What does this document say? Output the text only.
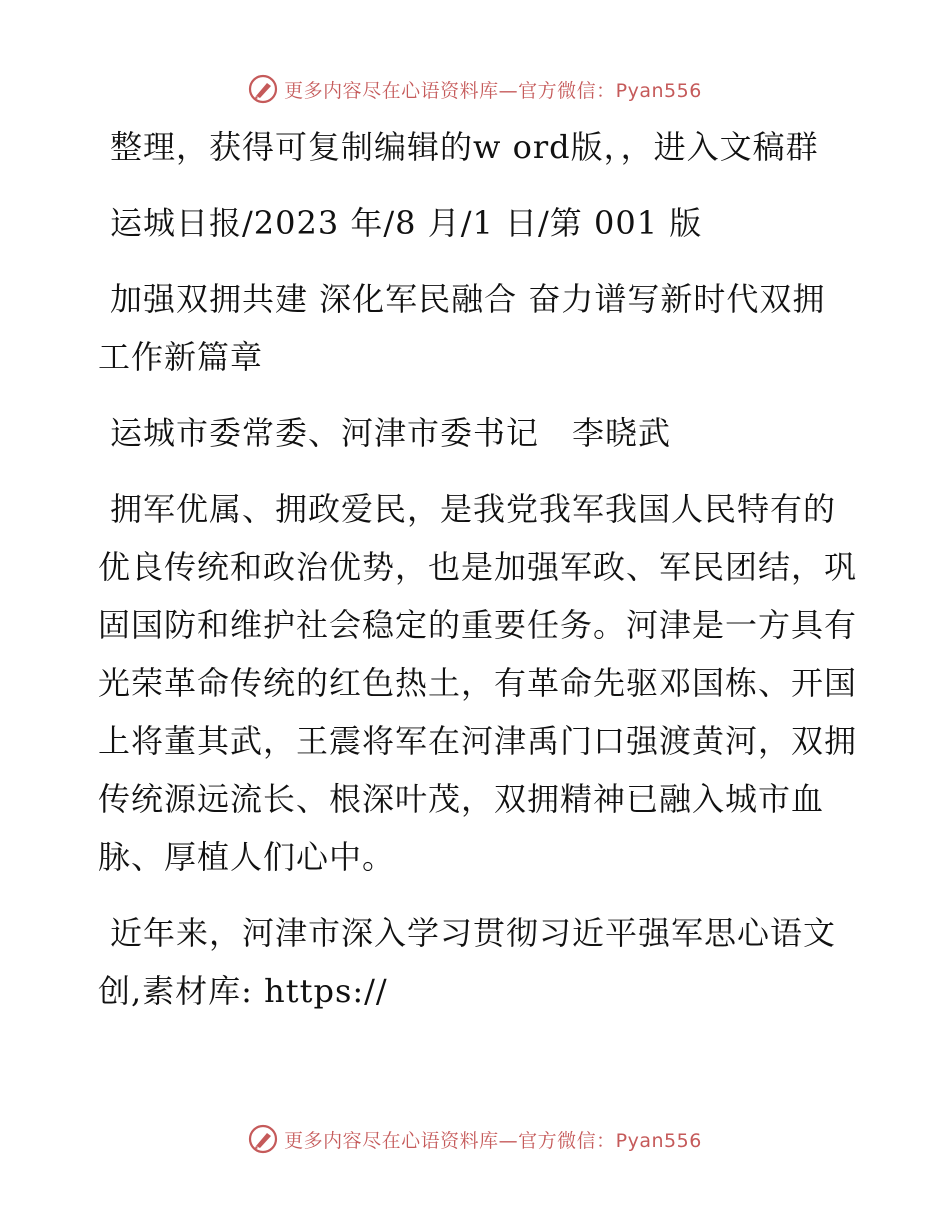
更多内容尽在心语资料库—官方微信：Pyan556

整理，获得可复制编辑的w ord版，，进入文稿群

运城日报/2023 年/8 月/1 日/第 001 版

加强双拥共建 深化军民融合 奋力谱写新时代双拥工作新篇章

运城市委常委、河津市委书记　李晓武

拥军优属、拥政爱民，是我党我军我国人民特有的优良传统和政治优势，也是加强军政、军民团结，巩固国防和维护社会稳定的重要任务。河津是一方具有光荣革命传统的红色热土，有革命先驱邓国栋、开国上将董其武，王震将军在河津禹门口强渡黄河，双拥传统源远流长、根深叶茂，双拥精神已融入城市血脉、厚植人们心中。

近年来，河津市深入学习贯彻习近平强军思心语文创,素材库: https://

更多内容尽在心语资料库—官方微信：Pyan556
